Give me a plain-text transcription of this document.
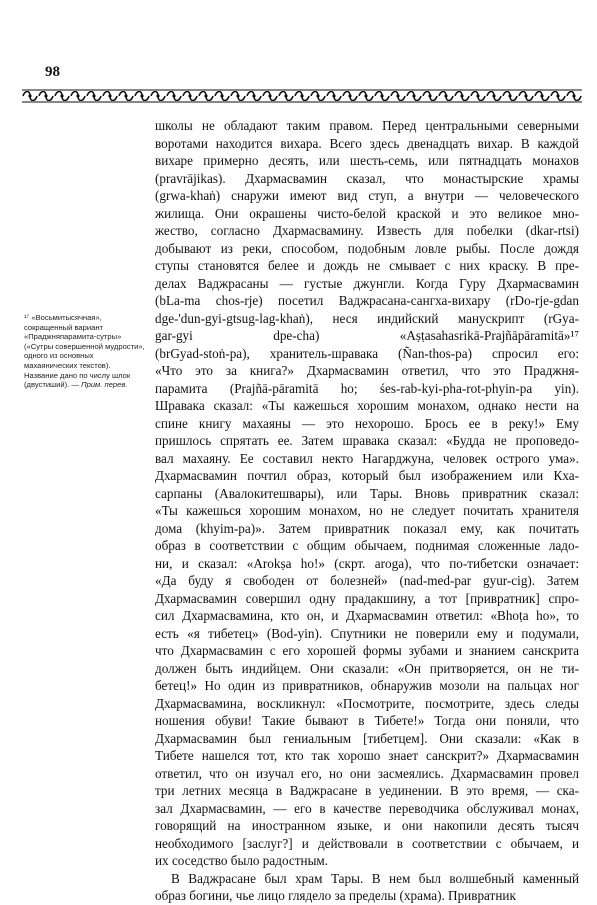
98

¹⁷ «Восьмитысячная», сокращенный вариант «Праджняпарамита-сутры» («Сутры совершенной мудрости», одного из основных махаянических текстов). Название дано по числу шлок (двустиший). — Прим. перев.

школы не обладают таким правом. Перед центральными северными
воротами находится вихара. Всего здесь двенадцать вихар. В каждой
вихаре примерно десять, или шесть-семь, или пятнадцать монахов
(pravrājikas). Дхармасвамин сказал, что монастырские храмы
(grwa-khaṅ) снаружи имеют вид ступ, а внутри — человеческого
жилища. Они окрашены чисто-белой краской и это великое мно-
жество, согласно Дхармасвамину. Известь для побелки (dkar-rtsi)
добывают из реки, способом, подобным ловле рыбы. После дождя
ступы становятся белее и дождь не смывает с них краску. В пре-
делах Ваджрасаны — густые джунгли. Когда Гуру Дхармасвамин
(bLa-ma chos-rje) посетил Ваджрасана-сангха-вихару (rDo-rje-gdan
dge-'dun-gyi-gtsug-lag-khaṅ), неся индийский манускрипт (rGya-
gar-gyi dpe-cha) «Aṣṭasahasrikā-Prajñāpāramitā»¹⁷
(brGyad-stoṅ-pa), хранитель-шравака (Ñan-thos-pa) спросил его:
«Что это за книга?» Дхармасвамин ответил, что это Праджня-
парамита (Prajñā-pāramitā ho; śes-rab-kyi-pha-rot-phyin-pa yin).
Шравака сказал: «Ты кажешься хорошим монахом, однако нести на
спине книгу махаяны — это нехорошо. Брось ее в реку!» Ему
пришлось спрятать ее. Затем шравака сказал: «Будда не проповедо-
вал махаяну. Ее составил некто Нагарджуна, человек острого ума».
Дхармасвамин почтил образ, который был изображением или Кха-
сарпаны (Авалокитешвары), или Тары. Вновь привратник сказал:
«Ты кажешься хорошим монахом, но не следует почитать хранителя
дома (khyim-pa)». Затем привратник показал ему, как почитать
образ в соответствии с общим обычаем, поднимая сложенные ладо-
ни, и сказал: «Arokṣa ho!» (скрт. aroga), что по-тибетски означает:
«Да буду я свободен от болезней» (nad-med-par gyur-cig). Затем
Дхармасвамин совершил одну прадакшину, а тот [привратник] спро-
сил Дхармасвамина, кто он, и Дхармасвамин ответил: «Bhoṭa ho», то
есть «я тибетец» (Bod-yin). Спутники не поверили ему и подумали,
что Дхармасвамин с его хорошей формы зубами и знанием санскрита
должен быть индийцем. Они сказали: «Он притворяется, он не ти-
бетец!» Но один из привратников, обнаружив мозоли на пальцах ног
Дхармасвамина, воскликнул: «Посмотрите, посмотрите, здесь следы
ношения обуви! Такие бывают в Тибете!» Тогда они поняли, что
Дхармасвамин был гениальным [тибетцем]. Они сказали: «Как в
Тибете нашелся тот, кто так хорошо знает санскрит?» Дхармасвамин
ответил, что он изучал его, но они засмеялись. Дхармасвамин провел
три летних месяца в Ваджрасане в уединении. В это время, — ска-
зал Дхармасвамин, — его в качестве переводчика обслуживал монах,
говорящий на иностранном языке, и они накопили десять тысяч
необходимого [заслуг?] и действовали в соответствии с обычаем, и
их соседство было радостным.

В Ваджрасане был храм Тары. В нем был волшебный каменный
образ богини, чье лицо глядело за пределы (храма). Привратник
